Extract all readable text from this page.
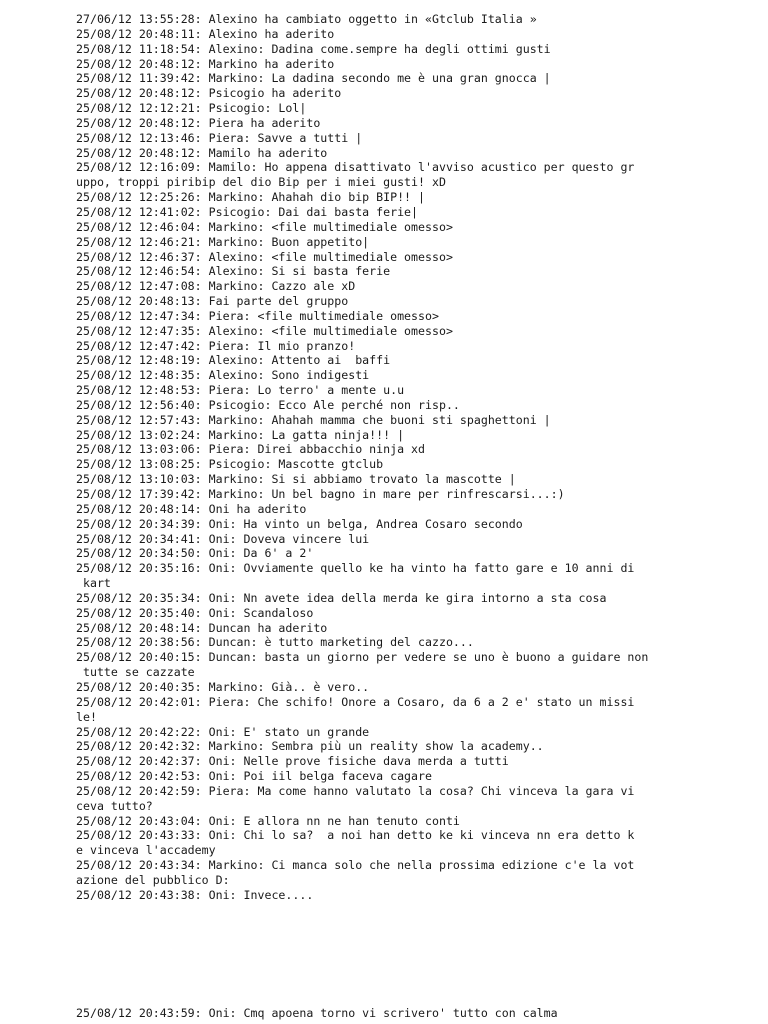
27/06/12 13:55:28: Alexino ha cambiato oggetto in «Gtclub Italia ‍»
25/08/12 20:48:11: Alexino ha aderito
25/08/12 11:18:54: Alexino: Dadina come.sempre ha degli ottimi gusti
25/08/12 20:48:12: Markino ha aderito
25/08/12 11:39:42: Markino: La dadina secondo me è una gran gnocca |
25/08/12 20:48:12: Psicogio ha aderito
25/08/12 12:12:21: Psicogio: Lol|
25/08/12 20:48:12: Piera ha aderito
25/08/12 12:13:46: Piera: Savve a tutti |
25/08/12 20:48:12: Mamilo ha aderito
25/08/12 12:16:09: Mamilo: Ho appena disattivato l'avviso acustico per questo gr
uppo, troppi piribip del dio Bip per i miei gusti! xD
25/08/12 12:25:26: Markino: Ahahah dio bip BIP!! |
25/08/12 12:41:02: Psicogio: Dai dai basta ferie|
25/08/12 12:46:04: Markino: <file multimediale omesso>
25/08/12 12:46:21: Markino: Buon appetito|
25/08/12 12:46:37: Alexino: <file multimediale omesso>
25/08/12 12:46:54: Alexino: Si si basta ferie
25/08/12 12:47:08: Markino: Cazzo ale xD
25/08/12 20:48:13: Fai parte del gruppo
25/08/12 12:47:34: Piera: <file multimediale omesso>
25/08/12 12:47:35: Alexino: <file multimediale omesso>
25/08/12 12:47:42: Piera: Il mio pranzo!
25/08/12 12:48:19: Alexino: Attento ai  baffi
25/08/12 12:48:35: Alexino: Sono indigesti
25/08/12 12:48:53: Piera: Lo terro' a mente u.u
25/08/12 12:56:40: Psicogio: Ecco Ale perché non risp..
25/08/12 12:57:43: Markino: Ahahah mamma che buoni sti spaghettoni |
25/08/12 13:02:24: Markino: La gatta ninja!!! |
25/08/12 13:03:06: Piera: Direi abbacchio ninja xd
25/08/12 13:08:25: Psicogio: Mascotte gtclub
25/08/12 13:10:03: Markino: Si si abbiamo trovato la mascotte |
25/08/12 17:39:42: Markino: Un bel bagno in mare per rinfrescarsi...:)
25/08/12 20:48:14: Oni ha aderito
25/08/12 20:34:39: Oni: Ha vinto un belga, Andrea Cosaro secondo
25/08/12 20:34:41: Oni: Doveva vincere lui
25/08/12 20:34:50: Oni: Da 6' a 2'
25/08/12 20:35:16: Oni: Ovviamente quello ke ha vinto ha fatto gare e 10 anni di
kart
25/08/12 20:35:34: Oni: Nn avete idea della merda ke gira intorno a sta cosa
25/08/12 20:35:40: Oni: Scandaloso
25/08/12 20:48:14: Duncan ha aderito
25/08/12 20:38:56: Duncan: è tutto marketing del cazzo...
25/08/12 20:40:15: Duncan: basta un giorno per vedere se uno è buono a guidare non
tutte se cazzate
25/08/12 20:40:35: Markino: Già.. è vero..
25/08/12 20:42:01: Piera: Che schifo! Onore a Cosaro, da 6 a 2 e' stato un missi
le!
25/08/12 20:42:22: Oni: E' stato un grande
25/08/12 20:42:32: Markino: Sembra più un reality show la academy..
25/08/12 20:42:37: Oni: Nelle prove fisiche dava merda a tutti
25/08/12 20:42:53: Oni: Poi iil belga faceva cagare
25/08/12 20:42:59: Piera: Ma come hanno valutato la cosa? Chi vinceva la gara vi
ceva tutto?
25/08/12 20:43:04: Oni: E allora nn ne han tenuto conti
25/08/12 20:43:33: Oni: Chi lo sa?  a noi han detto ke ki vinceva nn era detto k
e vinceva l'accademy
25/08/12 20:43:34: Markino: Ci manca solo che nella prossima edizione c'e la vot
azione del pubblico D:
25/08/12 20:43:38: Oni: Invece....
25/08/12 20:43:59: Oni: Cmq apoena torno vi scrivero' tutto con calma
